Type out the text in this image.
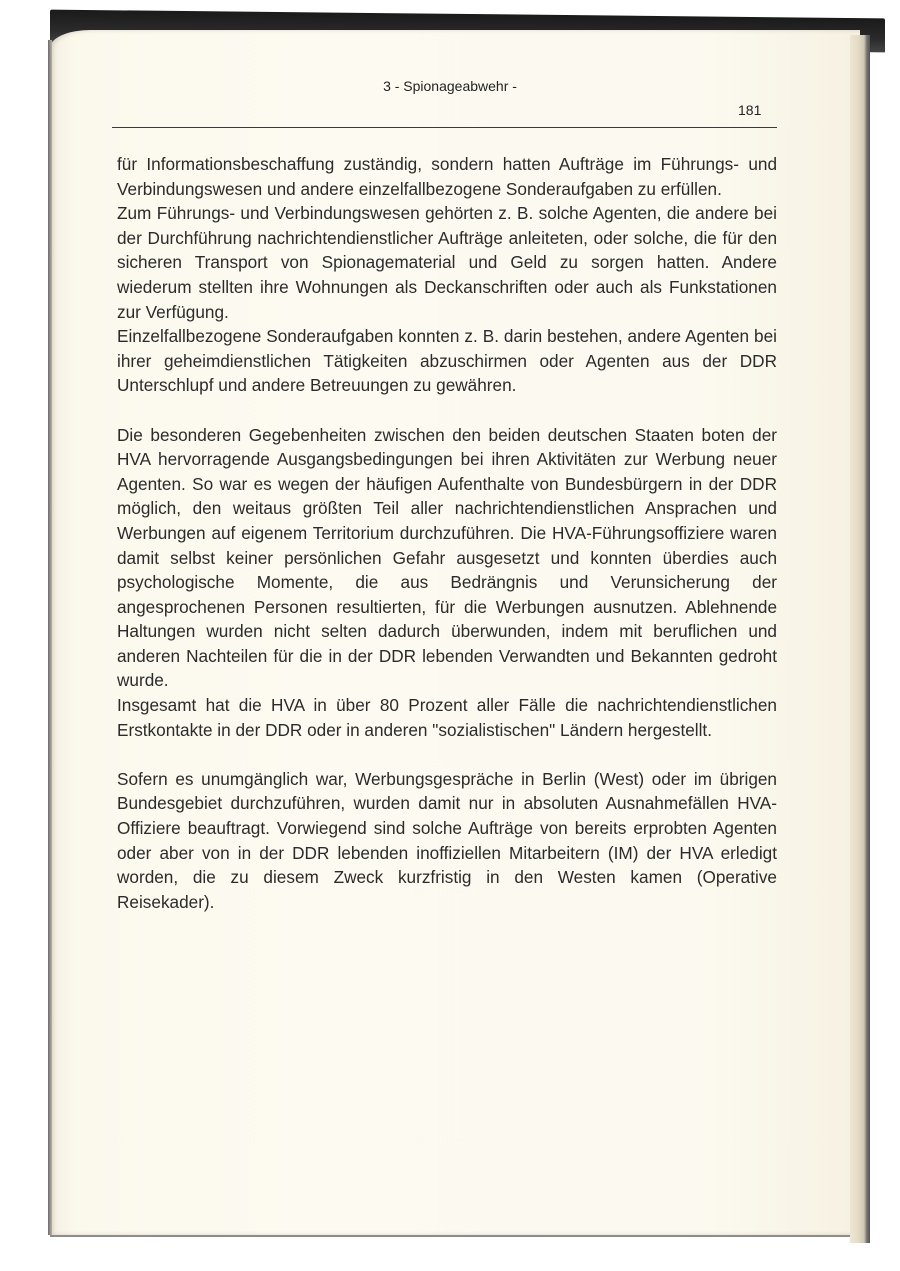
3 - Spionageabwehr -
181

für Informationsbeschaffung zuständig, sondern hatten Aufträge im Führungs- und Verbindungswesen und andere einzelfallbezogene Sonderaufgaben zu erfüllen.

Zum Führungs- und Verbindungswesen gehörten z. B. solche Agenten, die andere bei der Durchführung nachrichtendienstlicher Aufträge anleiteten, oder solche, die für den sicheren Transport von Spionagematerial und Geld zu sorgen hatten. Andere wiederum stellten ihre Wohnungen als Deckanschriften oder auch als Funkstationen zur Verfügung.

Einzelfallbezogene Sonderaufgaben konnten z. B. darin bestehen, andere Agenten bei ihrer geheimdienstlichen Tätigkeiten abzuschirmen oder Agenten aus der DDR Unterschlupf und andere Betreuungen zu gewähren.

Die besonderen Gegebenheiten zwischen den beiden deutschen Staaten boten der HVA hervorragende Ausgangsbedingungen bei ihren Aktivitäten zur Werbung neuer Agenten. So war es wegen der häufigen Aufenthalte von Bundesbürgern in der DDR möglich, den weitaus größten Teil aller nachrichtendienstlichen Ansprachen und Werbungen auf eigenem Territorium durchzuführen. Die HVA-Führungsoffiziere waren damit selbst keiner persönlichen Gefahr ausgesetzt und konnten überdies auch psychologische Momente, die aus Bedrängnis und Verunsicherung der angesprochenen Personen resultierten, für die Werbungen ausnutzen. Ablehnende Haltungen wurden nicht selten dadurch überwunden, indem mit beruflichen und anderen Nachteilen für die in der DDR lebenden Verwandten und Bekannten gedroht wurde.

Insgesamt hat die HVA in über 80 Prozent aller Fälle die nachrichtendienstlichen Erstkontakte in der DDR oder in anderen "sozialistischen" Ländern hergestellt.

Sofern es unumgänglich war, Werbungsgespräche in Berlin (West) oder im übrigen Bundesgebiet durchzuführen, wurden damit nur in absoluten Ausnahmefällen HVA-Offiziere beauftragt. Vorwiegend sind solche Aufträge von bereits erprobten Agenten oder aber von in der DDR lebenden inoffiziellen Mitarbeitern (IM) der HVA erledigt worden, die zu diesem Zweck kurzfristig in den Westen kamen (Operative Reisekader).
